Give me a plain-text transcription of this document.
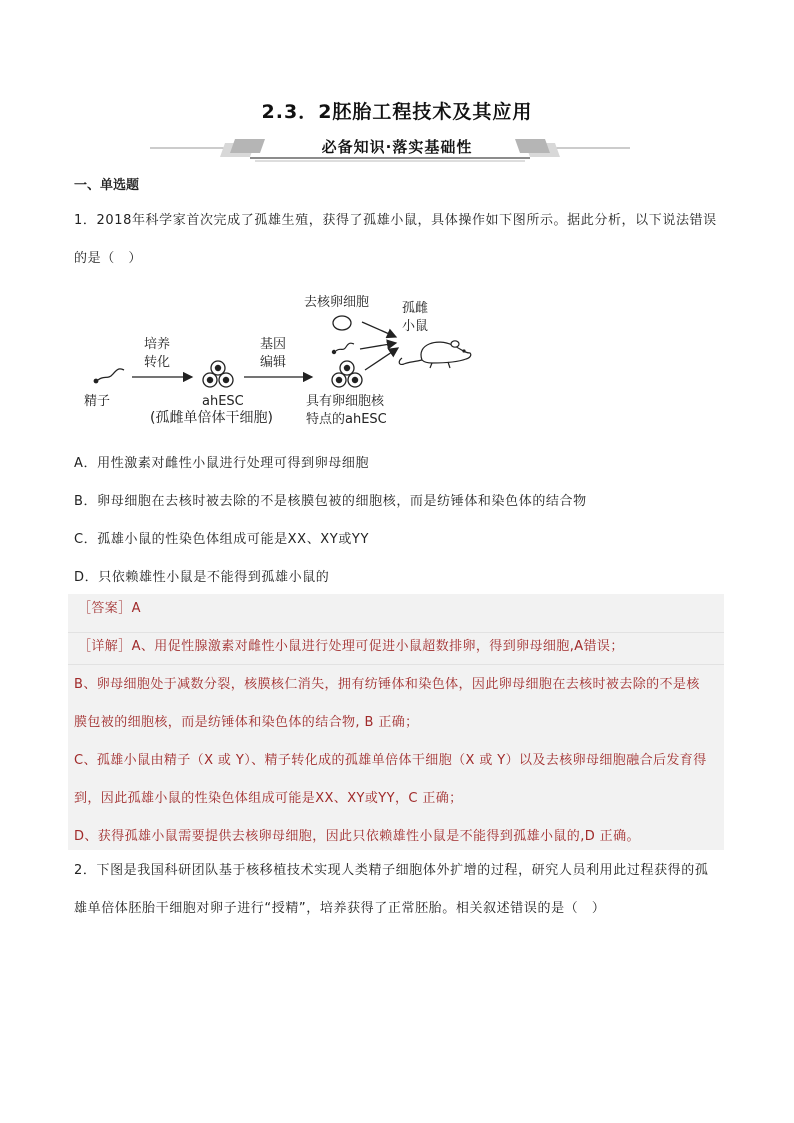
2.3．2胚胎工程技术及其应用
必备知识·落实基础性
一、单选题
1．2018年科学家首次完成了孤雄生殖，获得了孤雄小鼠，具体操作如下图所示。据此分析，以下说法错误
的是（　）
精子
培养
转化
ahESC
(孤雌单倍体干细胞)
基因
编辑
去核卵细胞
具有卵细胞核
特点的ahESC
孤雌
小鼠
A．用性激素对雌性小鼠进行处理可得到卵母细胞
B．卵母细胞在去核时被去除的不是核膜包被的细胞核，而是纺锤体和染色体的结合物
C．孤雄小鼠的性染色体组成可能是XX、XY或YY
D．只依赖雄性小鼠是不能得到孤雄小鼠的
［答案］A
［详解］A、用促性腺激素对雌性小鼠进行处理可促进小鼠超数排卵，得到卵母细胞,A错误；
B、卵母细胞处于减数分裂，核膜核仁消失，拥有纺锤体和染色体，因此卵母细胞在去核时被去除的不是核
膜包被的细胞核，而是纺锤体和染色体的结合物, B 正确；
C、孤雄小鼠由精子（X 或 Y）、精子转化成的孤雄单倍体干细胞（X 或 Y）以及去核卵母细胞融合后发育得
到，因此孤雄小鼠的性染色体组成可能是XX、XY或YY，C 正确；
D、获得孤雄小鼠需要提供去核卵母细胞，因此只依赖雄性小鼠是不能得到孤雄小鼠的,D 正确。
2．下图是我国科研团队基于核移植技术实现人类精子细胞体外扩增的过程，研究人员利用此过程获得的孤
雄单倍体胚胎干细胞对卵子进行“授精”，培养获得了正常胚胎。相关叙述错误的是（　）
